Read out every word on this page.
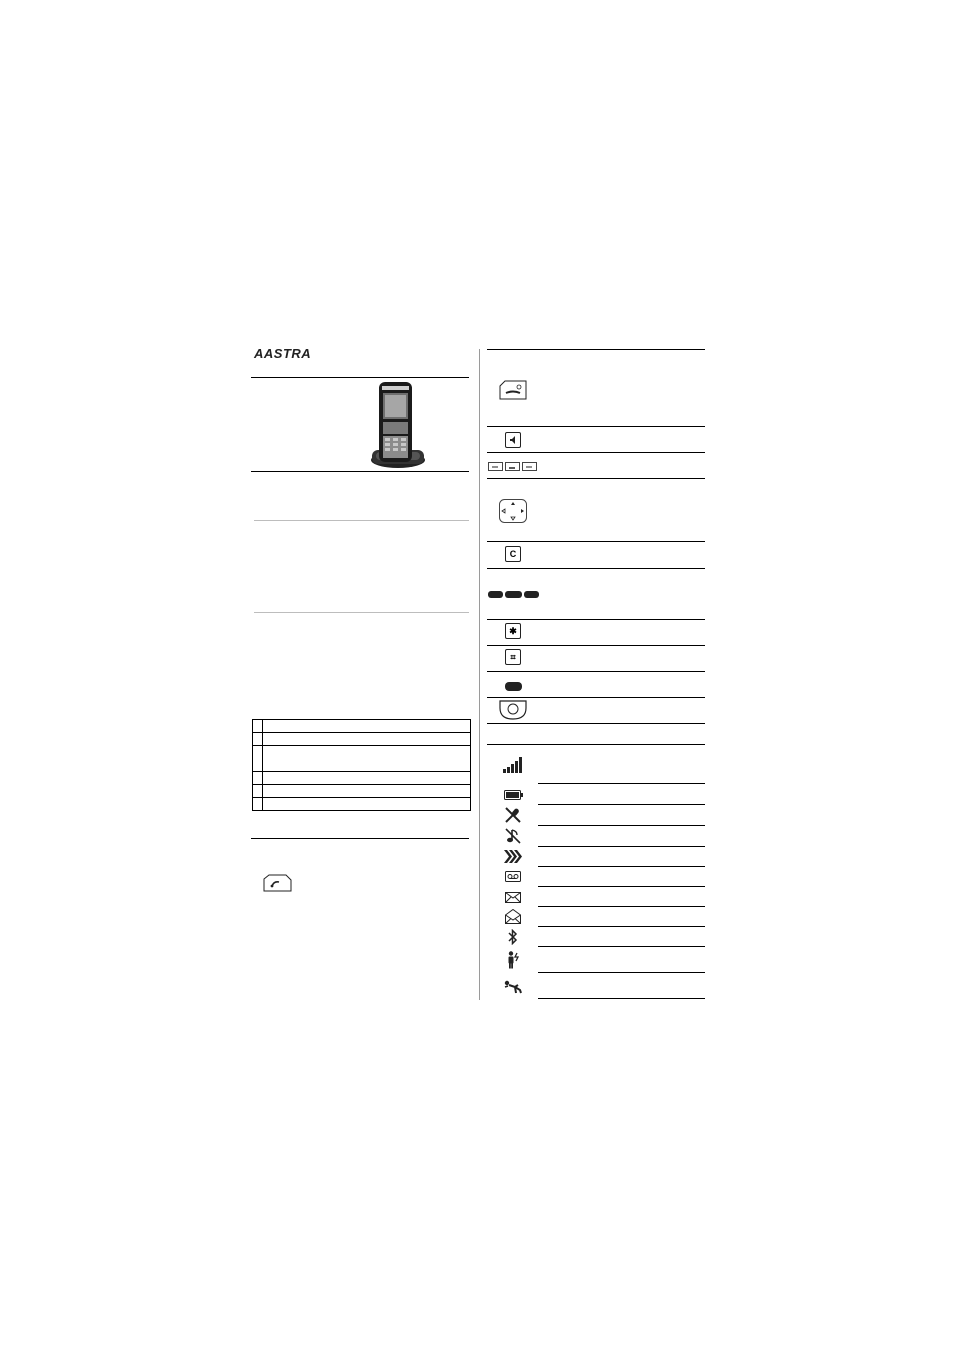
AASTRA

C
✱
⌗
